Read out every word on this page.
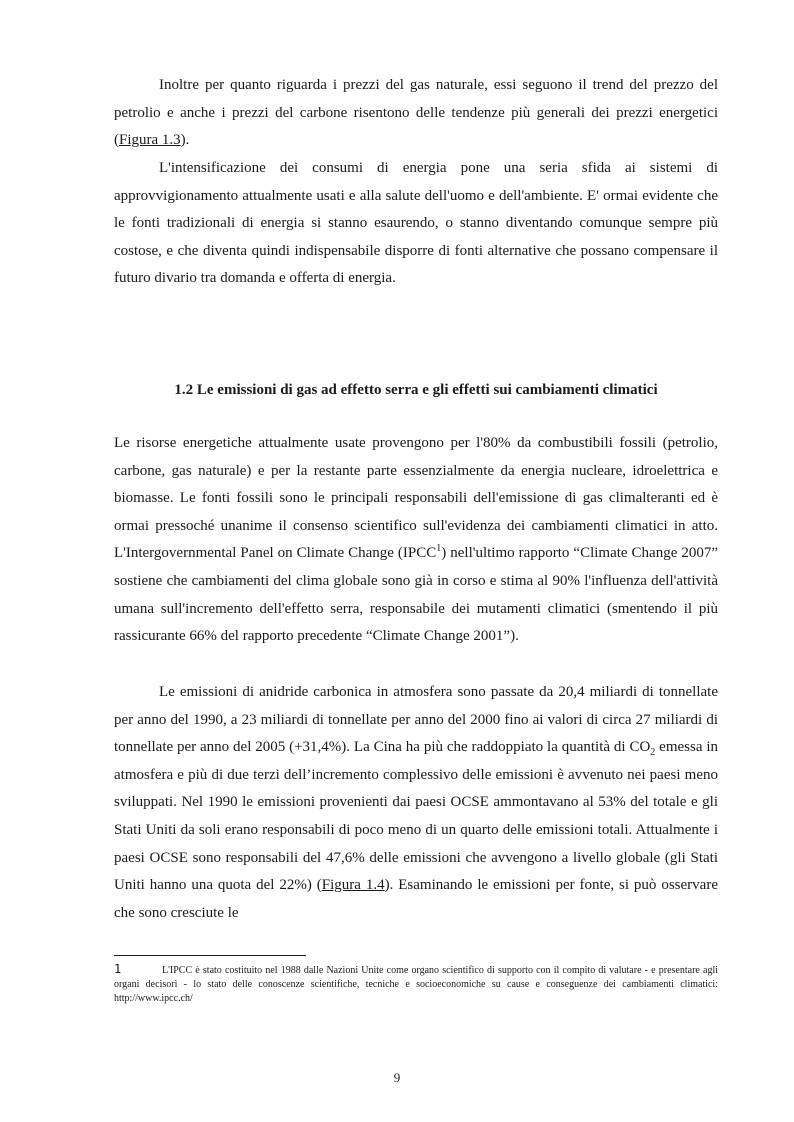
Inoltre per quanto riguarda i prezzi del gas naturale, essi seguono il trend del prezzo del petrolio e anche i prezzi del carbone risentono delle tendenze più generali dei prezzi energetici (Figura 1.3).

L'intensificazione dei consumi di energia pone una seria sfida ai sistemi di approvvigionamento attualmente usati e alla salute dell'uomo e dell'ambiente. E' ormai evidente che le fonti tradizionali di energia si stanno esaurendo, o stanno diventando comunque sempre più costose, e che diventa quindi indispensabile disporre di fonti alternative che possano compensare il futuro divario tra domanda e offerta di energia.

1.2 Le emissioni di gas ad effetto serra e gli effetti sui cambiamenti climatici

Le risorse energetiche attualmente usate provengono per l'80% da combustibili fossili (petrolio, carbone, gas naturale) e per la restante parte essenzialmente da energia nucleare, idroelettrica e biomasse. Le fonti fossili sono le principali responsabili dell'emissione di gas climalteranti ed è ormai pressoché unanime il consenso scientifico sull'evidenza dei cambiamenti climatici in atto. L'Intergovernmental Panel on Climate Change (IPCC$^1$) nell'ultimo rapporto “Climate Change 2007” sostiene che cambiamenti del clima globale sono già in corso e stima al 90% l'influenza dell'attività umana sull'incremento dell'effetto serra, responsabile dei mutamenti climatici (smentendo il più rassicurante 66% del rapporto precedente “Climate Change 2001”).

Le emissioni di anidride carbonica in atmosfera sono passate da 20,4 miliardi di tonnellate per anno del 1990, a 23 miliardi di tonnellate per anno del 2000 fino ai valori di circa 27 miliardi di tonnellate per anno del 2005 (+31,4%). La Cina ha più che raddoppiato la quantità di $CO_2$ emessa in atmosfera e più di due terzi dell’incremento complessivo delle emissioni è avvenuto nei paesi meno sviluppati. Nel 1990 le emissioni provenienti dai paesi OCSE ammontavano al 53% del totale e gli Stati Uniti da soli erano responsabili di poco meno di un quarto delle emissioni totali. Attualmente i paesi OCSE sono responsabili del 47,6% delle emissioni che avvengono a livello globale (gli Stati Uniti hanno una quota del 22%) (Figura 1.4). Esaminando le emissioni per fonte, si può osservare che sono cresciute le

1	L'IPCC è stato costituito nel 1988 dalle Nazioni Unite come organo scientifico di supporto con il compito di valutare - e presentare agli organi decisori - lo stato delle conoscenze scientifiche, tecniche e socioeconomiche su cause e conseguenze dei cambiamenti climatici: http://www.ipcc.ch/

9
